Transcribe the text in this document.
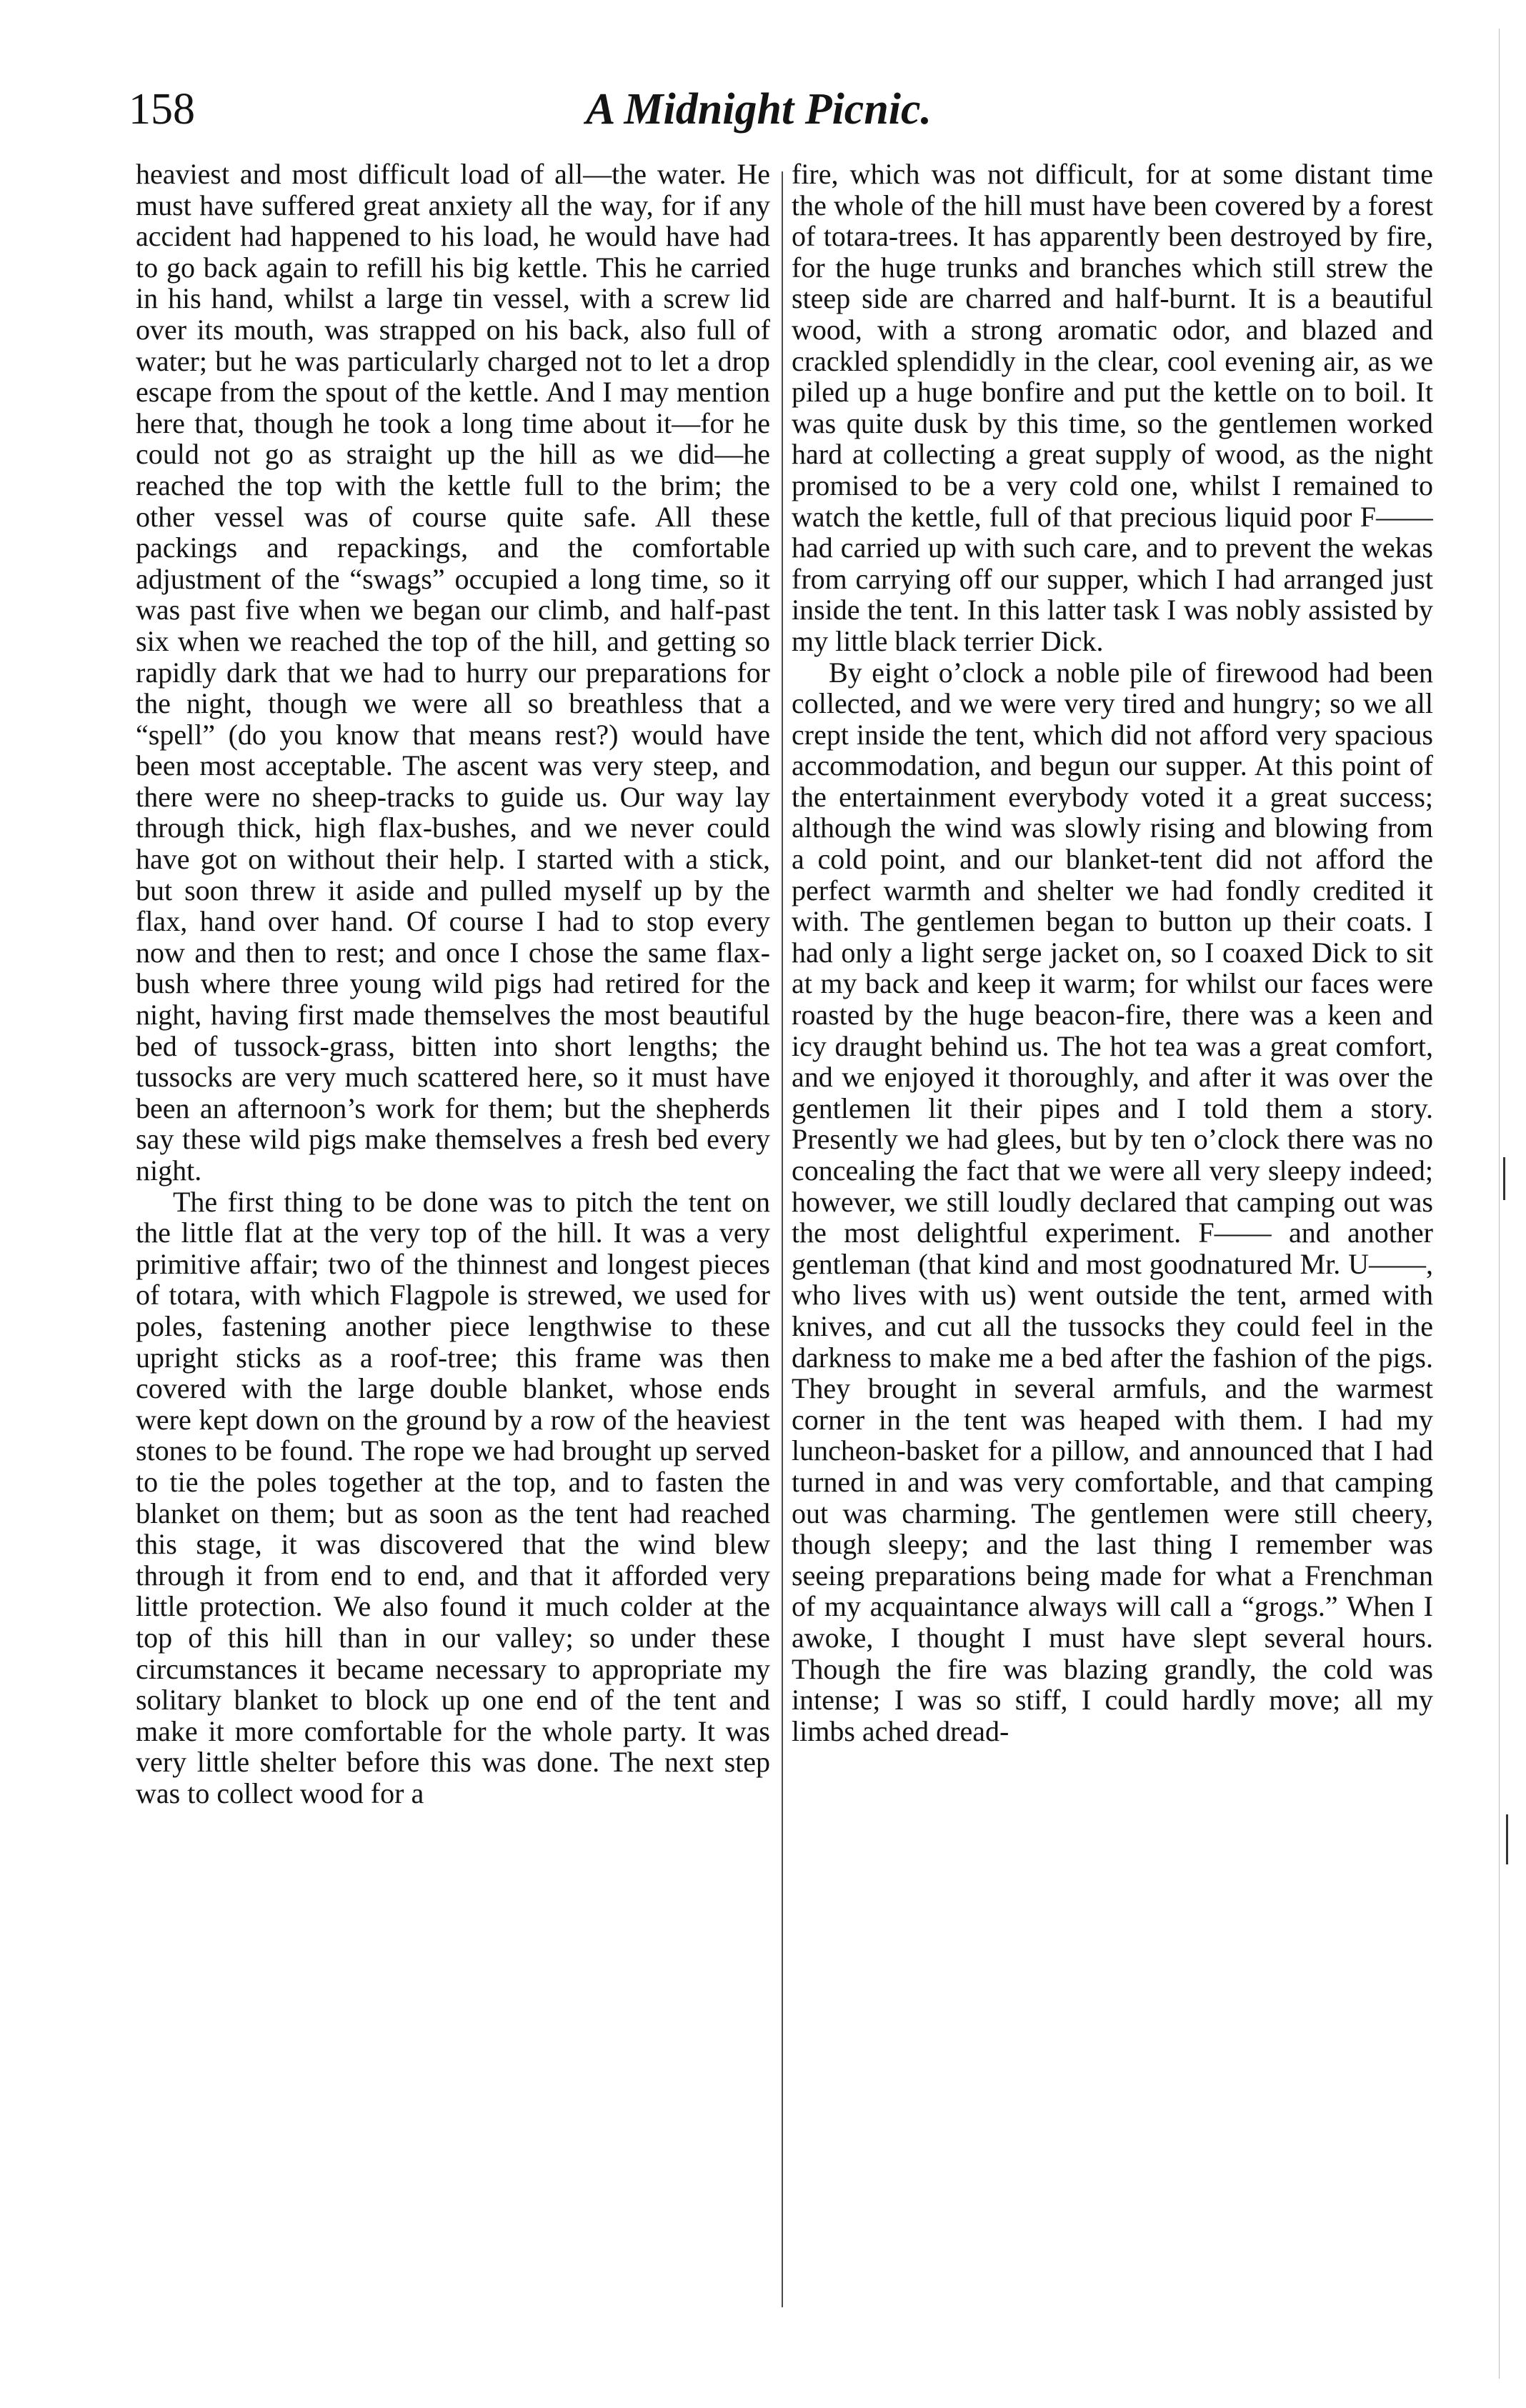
158	A Midnight Picnic.

heaviest and most difficult load of all—the water. He must have suffered great anxiety all the way, for if any accident had happened to his load, he would have had to go back again to refill his big kettle. This he carried in his hand, whilst a large tin vessel, with a screw lid over its mouth, was strapped on his back, also full of water; but he was particularly charged not to let a drop escape from the spout of the kettle. And I may mention here that, though he took a long time about it—for he could not go as straight up the hill as we did—he reached the top with the kettle full to the brim; the other vessel was of course quite safe. All these packings and repackings, and the comfortable adjustment of the “swags” occupied a long time, so it was past five when we began our climb, and half-past six when we reached the top of the hill, and getting so rapidly dark that we had to hurry our preparations for the night, though we were all so breathless that a “spell” (do you know that means rest?) would have been most acceptable. The ascent was very steep, and there were no sheep-tracks to guide us. Our way lay through thick, high flax-bushes, and we never could have got on without their help. I started with a stick, but soon threw it aside and pulled myself up by the flax, hand over hand. Of course I had to stop every now and then to rest; and once I chose the same flax-bush where three young wild pigs had retired for the night, having first made themselves the most beautiful bed of tussock-grass, bitten into short lengths; the tussocks are very much scattered here, so it must have been an afternoon’s work for them; but the shepherds say these wild pigs make themselves a fresh bed every night.

The first thing to be done was to pitch the tent on the little flat at the very top of the hill. It was a very primitive affair; two of the thinnest and longest pieces of totara, with which Flagpole is strewed, we used for poles, fastening another piece lengthwise to these upright sticks as a roof-tree; this frame was then covered with the large double blanket, whose ends were kept down on the ground by a row of the heaviest stones to be found. The rope we had brought up served to tie the poles together at the top, and to fasten the blanket on them; but as soon as the tent had reached this stage, it was discovered that the wind blew through it from end to end, and that it afforded very little protection. We also found it much colder at the top of this hill than in our valley; so under these circumstances it became necessary to appropriate my solitary blanket to block up one end of the tent and make it more comfortable for the whole party. It was very little shelter before this was done. The next step was to collect wood for a

fire, which was not difficult, for at some distant time the whole of the hill must have been covered by a forest of totara-trees. It has apparently been destroyed by fire, for the huge trunks and branches which still strew the steep side are charred and half-burnt. It is a beautiful wood, with a strong aromatic odor, and blazed and crackled splendidly in the clear, cool evening air, as we piled up a huge bonfire and put the kettle on to boil. It was quite dusk by this time, so the gentlemen worked hard at collecting a great supply of wood, as the night promised to be a very cold one, whilst I remained to watch the kettle, full of that precious liquid poor F——had carried up with such care, and to prevent the wekas from carrying off our supper, which I had arranged just inside the tent. In this latter task I was nobly assisted by my little black terrier Dick.

By eight o’clock a noble pile of firewood had been collected, and we were very tired and hungry; so we all crept inside the tent, which did not afford very spacious accommodation, and begun our supper. At this point of the entertainment everybody voted it a great success; although the wind was slowly rising and blowing from a cold point, and our blanket-tent did not afford the perfect warmth and shelter we had fondly credited it with. The gentlemen began to button up their coats. I had only a light serge jacket on, so I coaxed Dick to sit at my back and keep it warm; for whilst our faces were roasted by the huge beacon-fire, there was a keen and icy draught behind us. The hot tea was a great comfort, and we enjoyed it thoroughly, and after it was over the gentlemen lit their pipes and I told them a story. Presently we had glees, but by ten o’clock there was no concealing the fact that we were all very sleepy indeed; however, we still loudly declared that camping out was the most delightful experiment. F—— and another gentleman (that kind and most goodnatured Mr. U——, who lives with us) went outside the tent, armed with knives, and cut all the tussocks they could feel in the darkness to make me a bed after the fashion of the pigs. They brought in several armfuls, and the warmest corner in the tent was heaped with them. I had my luncheon-basket for a pillow, and announced that I had turned in and was very comfortable, and that camping out was charming. The gentlemen were still cheery, though sleepy; and the last thing I remember was seeing preparations being made for what a Frenchman of my acquaintance always will call a “grogs.” When I awoke, I thought I must have slept several hours. Though the fire was blazing grandly, the cold was intense; I was so stiff, I could hardly move; all my limbs ached dread-
